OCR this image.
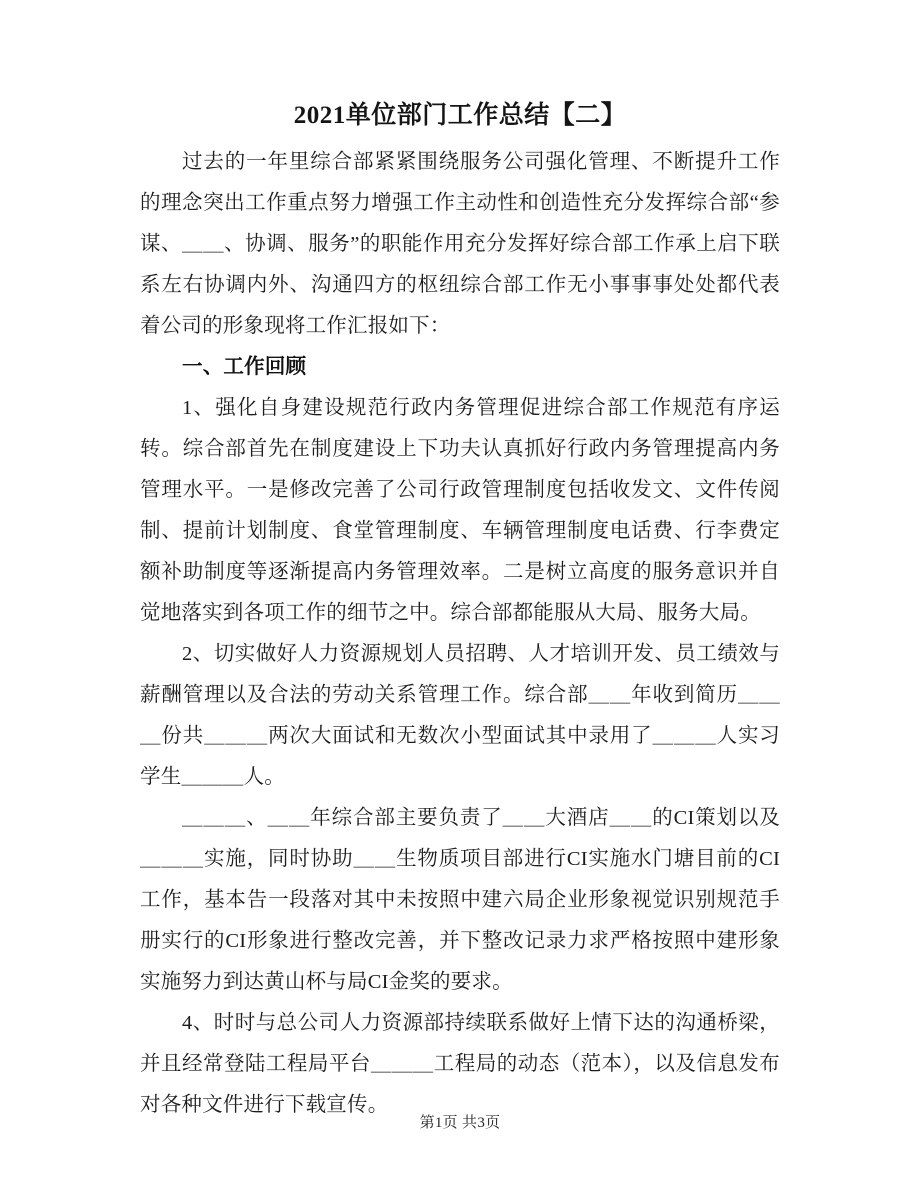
2021单位部门工作总结【二】

过去的一年里综合部紧紧围绕服务公司强化管理、不断提升工作的理念突出工作重点努力增强工作主动性和创造性充分发挥综合部“参谋、＿＿、协调、服务”的职能作用充分发挥好综合部工作承上启下联系左右协调内外、沟通四方的枢纽综合部工作无小事事事处处都代表着公司的形象现将工作汇报如下：

一、工作回顾

1、强化自身建设规范行政内务管理促进综合部工作规范有序运转。综合部首先在制度建设上下功夫认真抓好行政内务管理提高内务管理水平。一是修改完善了公司行政管理制度包括收发文、文件传阅制、提前计划制度、食堂管理制度、车辆管理制度电话费、行李费定额补助制度等逐渐提高内务管理效率。二是树立高度的服务意识并自觉地落实到各项工作的细节之中。综合部都能服从大局、服务大局。

2、切实做好人力资源规划人员招聘、人才培训开发、员工绩效与薪酬管理以及合法的劳动关系管理工作。综合部＿＿年收到简历＿＿＿份共＿＿＿两次大面试和无数次小型面试其中录用了＿＿＿人实习学生＿＿＿人。

＿＿＿、＿＿年综合部主要负责了＿＿大酒店＿＿的CI策划以及＿＿＿实施，同时协助＿＿生物质项目部进行CI实施水门塘目前的CI工作，基本告一段落对其中未按照中建六局企业形象视觉识别规范手册实行的CI形象进行整改完善，并下整改记录力求严格按照中建形象实施努力到达黄山杯与局CI金奖的要求。

4、时时与总公司人力资源部持续联系做好上情下达的沟通桥梁，并且经常登陆工程局平台＿＿＿工程局的动态（范本），以及信息发布对各种文件进行下载宣传。

第1页 共3页
